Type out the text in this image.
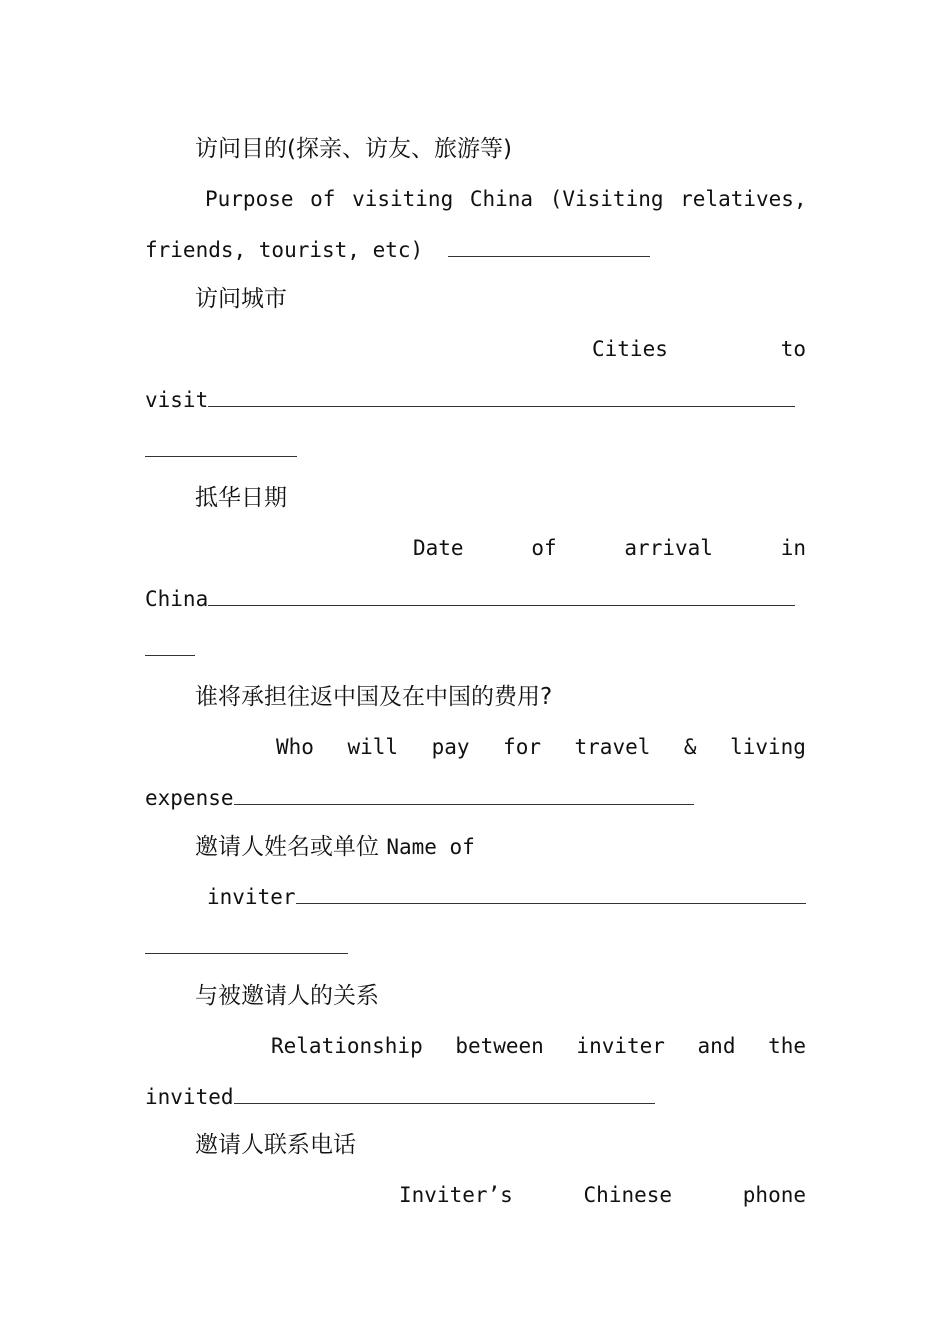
访问目的(探亲、访友、旅游等)
Purpose of visiting China (Visiting relatives,
friends, tourist, etc)
访问城市
Cities	to
visit
抵华日期
Date	of	arrival	in
China
谁将承担往返中国及在中国的费用?
Who will pay for travel & living
expense
邀请人姓名或单位 Name of
inviter
与被邀请人的关系
Relationship between inviter and the
invited
邀请人联系电话
Inviter’s	Chinese	phone
